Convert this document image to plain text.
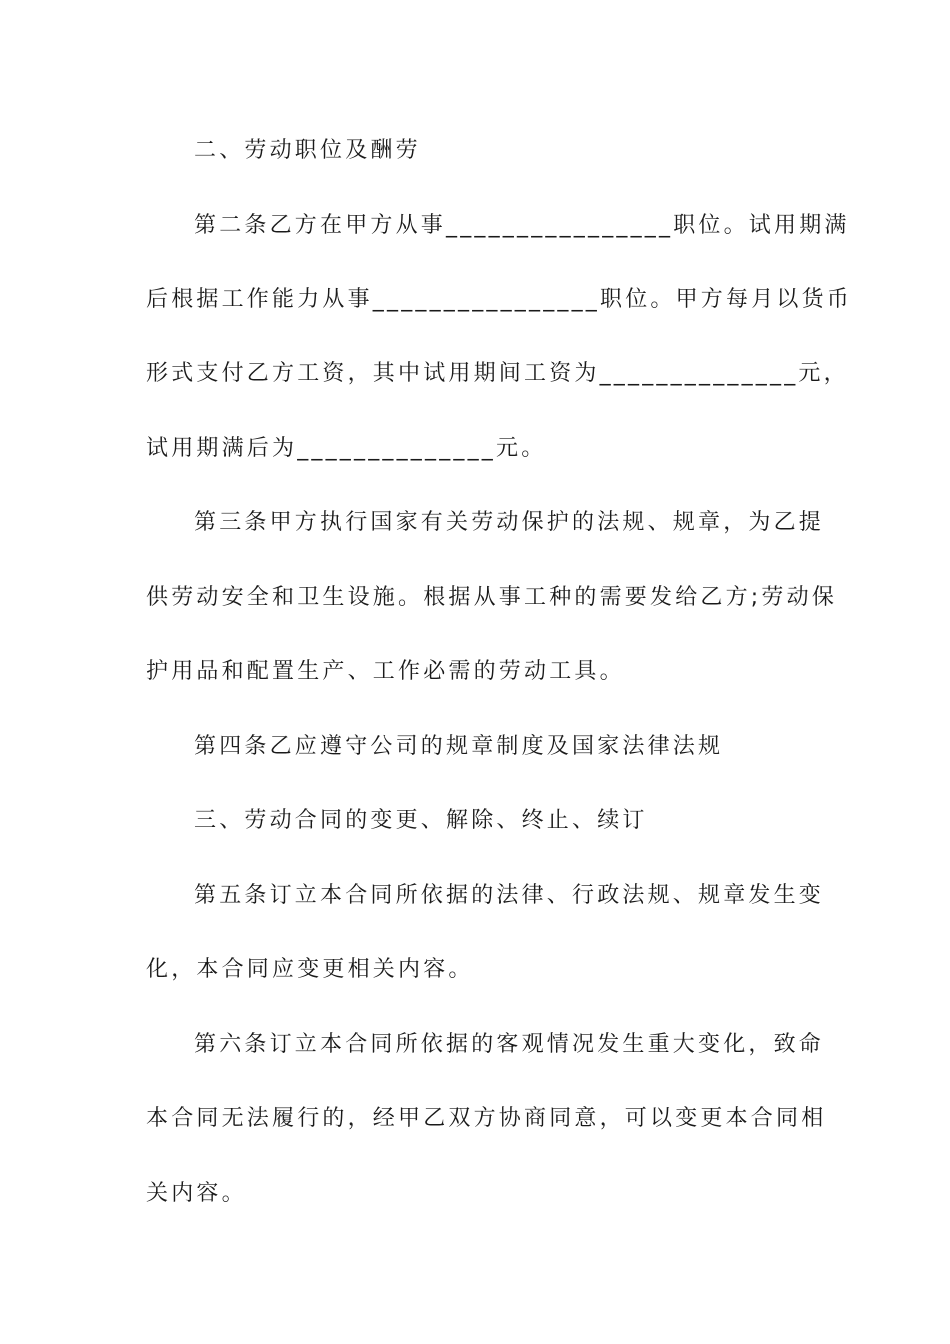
二、劳动职位及酬劳
第二条乙方在甲方从事________________职位。试用期满
后根据工作能力从事________________职位。甲方每月以货币
形式支付乙方工资，其中试用期间工资为______________元，
试用期满后为______________元。
第三条甲方执行国家有关劳动保护的法规、规章，为乙提
供劳动安全和卫生设施。根据从事工种的需要发给乙方;劳动保
护用品和配置生产、工作必需的劳动工具。
第四条乙应遵守公司的规章制度及国家法律法规
三、劳动合同的变更、解除、终止、续订
第五条订立本合同所依据的法律、行政法规、规章发生变
化，本合同应变更相关内容。
第六条订立本合同所依据的客观情况发生重大变化，致命
本合同无法履行的，经甲乙双方协商同意，可以变更本合同相
关内容。
